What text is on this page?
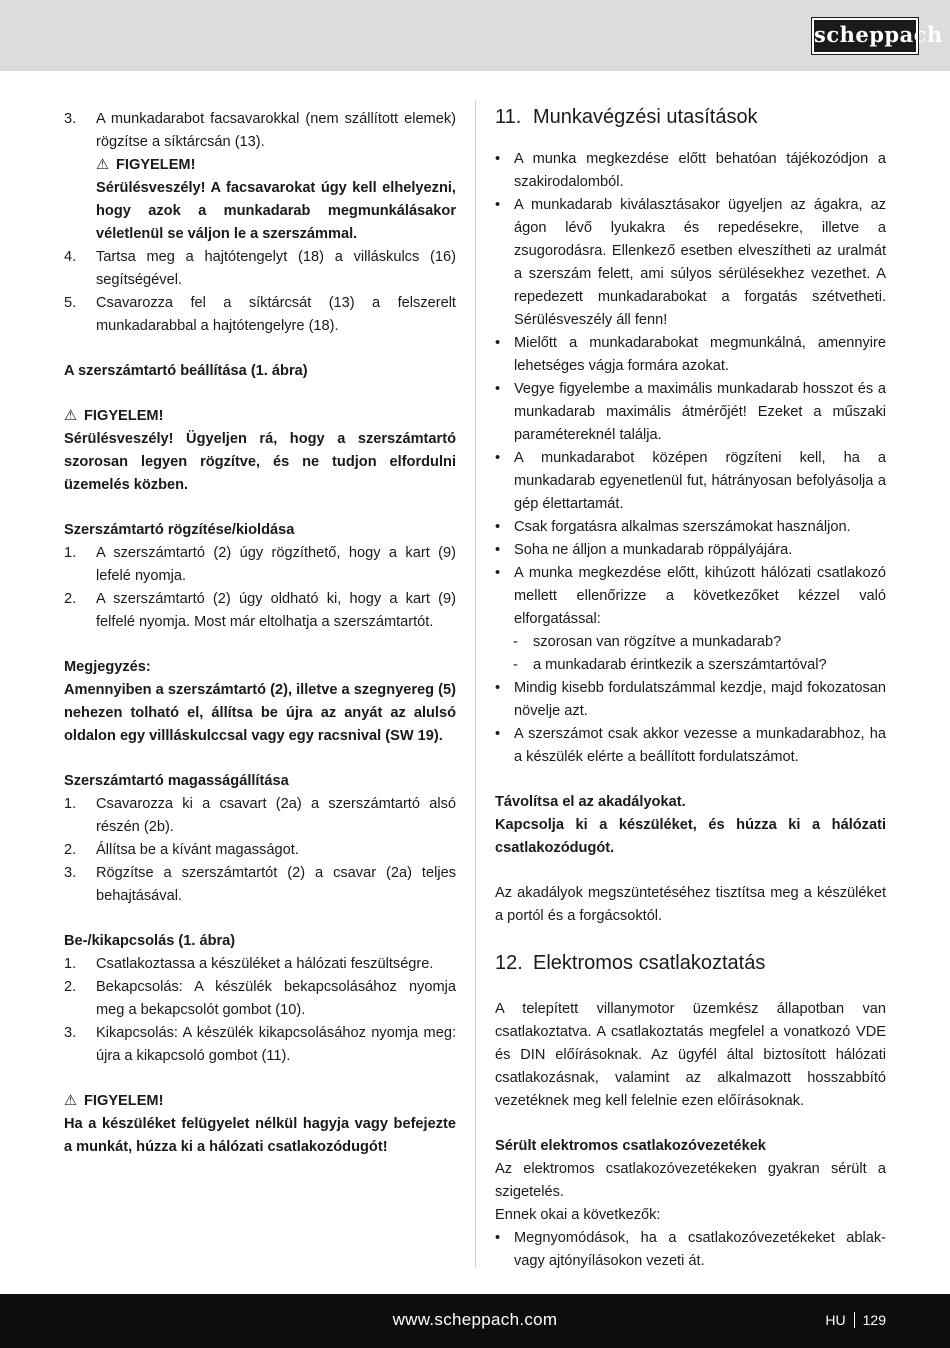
scheppach
3. A munkadarabot facsavarokkal (nem szállított elemek) rögzítse a síktárcsán (13).
⚠ FIGYELEM!
Sérülésveszély! A facsavarokat úgy kell elhelyezni, hogy azok a munkadarab megmunkálásakor véletlenül se váljon le a szerszámmal.
4. Tartsa meg a hajtótengelyt (18) a villáskulcs (16) segítségével.
5. Csavarozza fel a síktárcsát (13) a felszerelt munkadarabbal a hajtótengelyre (18).
A szerszámtartó beállítása (1. ábra)
⚠ FIGYELEM!
Sérülésveszély! Ügyeljen rá, hogy a szerszámtartó szorosan legyen rögzítve, és ne tudjon elfordulni üzemelés közben.
Szerszámtartó rögzítése/kioldása
1. A szerszámtartó (2) úgy rögzíthető, hogy a kart (9) lefelé nyomja.
2. A szerszámtartó (2) úgy oldható ki, hogy a kart (9) felfelé nyomja. Most már eltolhatja a szerszámtartót.
Megjegyzés:
Amennyiben a szerszámtartó (2), illetve a szegnyereg (5) nehezen tolható el, állítsa be újra az anyát az alulsó oldalon egy villláskulccsal vagy egy racsnival (SW 19).
Szerszámtartó magasságállítása
1. Csavarozza ki a csavart (2a) a szerszámtartó alsó részén (2b).
2. Állítsa be a kívánt magasságot.
3. Rögzítse a szerszámtartót (2) a csavar (2a) teljes behajtásával.
Be-/kikapcsolás (1. ábra)
1. Csatlakoztassa a készüléket a hálózati feszültségre.
2. Bekapcsolás: A készülék bekapcsolásához nyomja meg a bekapcsolót gombot (10).
3. Kikapcsolás: A készülék kikapcsolásához nyomja meg: újra a kikapcsoló gombot (11).
⚠ FIGYELEM!
Ha a készüléket felügyelet nélkül hagyja vagy befejezte a munkát, húzza ki a hálózati csatlakozódugót!
11. Munkavégzési utasítások
• A munka megkezdése előtt behatóan tájékozódjon a szakirodalomból.
• A munkadarab kiválasztásakor ügyeljen az ágakra, az ágon lévő lyukakra és repedésekre, illetve a zsugorodásra. Ellenkező esetben elveszítheti az uralmát a szerszám felett, ami súlyos sérülésekhez vezethet. A repedezett munkadarabokat a forgatás szétvetheti. Sérülésveszély áll fenn!
• Mielőtt a munkadarabokat megmunkálná, amennyire lehetséges vágja formára azokat.
• Vegye figyelembe a maximális munkadarab hosszot és a munkadarab maximális átmérőjét! Ezeket a műszaki paramétereknél találja.
• A munkadarabot középen rögzíteni kell, ha a munkadarab egyenetlenül fut, hátrányosan befolyásolja a gép élettartamát.
• Csak forgatásra alkalmas szerszámokat használjon.
• Soha ne álljon a munkadarab röppályájára.
• A munka megkezdése előtt, kihúzott hálózati csatlakozó mellett ellenőrizze a következőket kézzel való elforgatással:
- szorosan van rögzítve a munkadarab?
- a munkadarab érintkezik a szerszámtartóval?
• Mindig kisebb fordulatszámmal kezdje, majd fokozatosan növelje azt.
• A szerszámot csak akkor vezesse a munkadarabhoz, ha a készülék elérte a beállított fordulatszámot.
Távolítsa el az akadályokat.
Kapcsolja ki a készüléket, és húzza ki a hálózati csatlakozódugót.
Az akadályok megszüntetéséhez tisztítsa meg a készüléket a portól és a forgácsoktól.
12. Elektromos csatlakoztatás
A telepített villanymotor üzemkész állapotban van csatlakoztatva. A csatlakoztatás megfelel a vonatkozó VDE és DIN előírásoknak. Az ügyfél által biztosított hálózati csatlakozásnak, valamint az alkalmazott hosszabbító vezetéknek meg kell felelnie ezen előírásoknak.
Sérült elektromos csatlakozóvezetékek
Az elektromos csatlakozóvezetékeken gyakran sérült a szigetelés.
Ennek okai a következők:
• Megnyomódások, ha a csatlakozóvezetékeket ablak- vagy ajtónyílásokon vezeti át.
www.scheppach.com	HU 129
